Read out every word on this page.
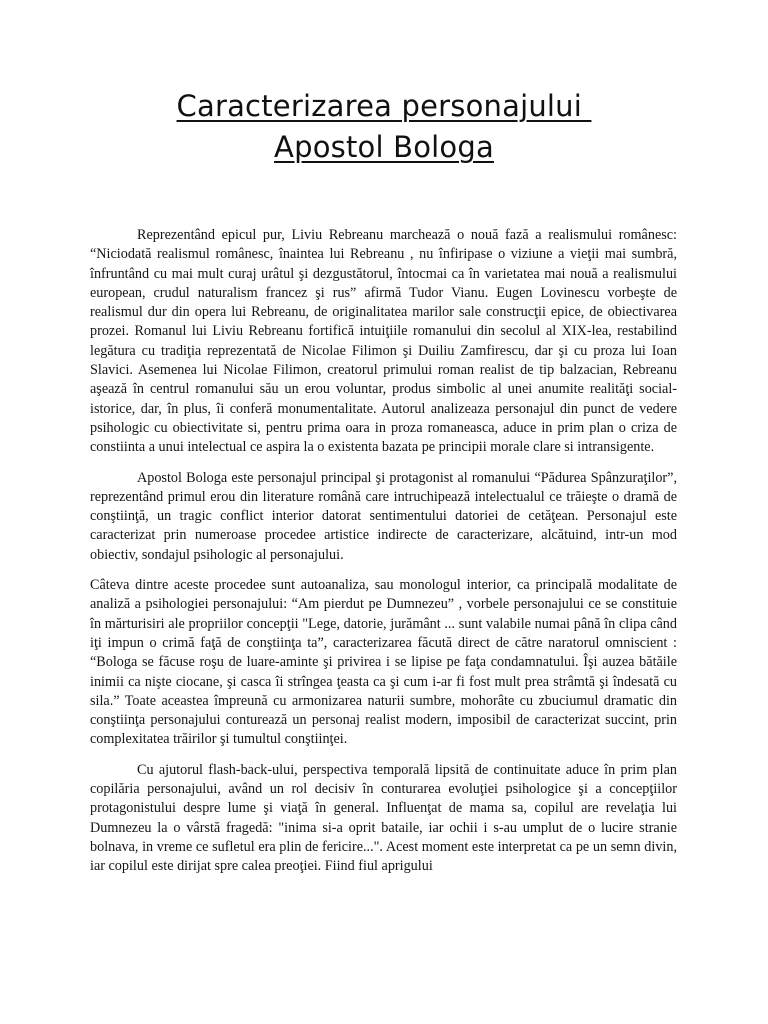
Caracterizarea personajului
Apostol Bologa

Reprezentând epicul pur, Liviu Rebreanu marchează o nouă fază a realismului românesc: “Niciodată realismul românesc, înaintea lui Rebreanu , nu înfiripase o viziune a vieţii mai sumbră, înfruntând cu mai mult curaj urâtul şi dezgustătorul, întocmai ca în varietatea mai nouă a realismului european, crudul naturalism francez şi rus” afirmă Tudor Vianu. Eugen Lovinescu vorbeşte de realismul dur din opera lui Rebreanu, de originalitatea marilor sale construcţii epice, de obiectivarea prozei. Romanul lui Liviu Rebreanu fortifică intuiţiile romanului din secolul al XIX-lea, restabilind legătura cu tradiţia reprezentată de Nicolae Filimon şi Duiliu Zamfirescu, dar şi cu proza lui Ioan Slavici. Asemenea lui Nicolae Filimon, creatorul primului roman realist de tip balzacian, Rebreanu aşează în centrul romanului său un erou voluntar, produs simbolic al unei anumite realităţi social-istorice, dar, în plus, îi conferă monumentalitate. Autorul analizeaza personajul din punct de vedere psihologic cu obiectivitate si, pentru prima oara in proza romaneasca, aduce in prim plan o criza de constiinta a unui intelectual ce aspira la o existenta bazata pe principii morale clare si intransigente.

Apostol Bologa este personajul principal şi protagonist al romanului “Pădurea Spânzuraţilor”, reprezentând primul erou din literature română care intruchipează intelectualul ce trăieşte o dramă de conştiinţă, un tragic conflict interior datorat sentimentului datoriei de cetăţean. Personajul este caracterizat prin numeroase procedee artistice indirecte de caracterizare, alcătuind, intr-un mod obiectiv, sondajul psihologic al personajului.

Câteva dintre aceste procedee sunt autoanaliza, sau monologul interior, ca principală modalitate de analiză a psihologiei personajului: “Am pierdut pe Dumnezeu” , vorbele personajului ce se constituie în mărturisiri ale propriilor concepţii "Lege, datorie, jurământ ... sunt valabile numai până în clipa când iţi impun o crimă faţă de conştiinţa ta”, caracterizarea făcută direct de către naratorul omniscient : “Bologa se făcuse roşu de luare-aminte şi privirea i se lipise pe faţa condamnatului. Îşi auzea bătăile inimii ca nişte ciocane, şi casca îi strîngea ţeasta ca şi cum i-ar fi fost mult prea strâmtă şi îndesată cu sila.” Toate aceastea împreună cu armonizarea naturii sumbre, mohorâte cu zbuciumul dramatic din conştiinţa personajului conturează un personaj realist modern, imposibil de caracterizat succint, prin complexitatea trăirilor şi tumultul conştiinţei.

Cu ajutorul flash-back-ului, perspectiva temporală lipsită de continuitate aduce în prim plan copilăria personajului, având un rol decisiv în conturarea evoluţiei psihologice şi a concepţiilor protagonistului despre lume şi viaţă în general. Influenţat de mama sa, copilul are revelaţia lui Dumnezeu la o vârstă fragedă: "inima si-a oprit bataile, iar ochii i s-au umplut de o lucire stranie bolnava, in vreme ce sufletul era plin de fericire...". Acest moment este interpretat ca pe un semn divin, iar copilul este dirijat spre calea preoţiei. Fiind fiul aprigului
